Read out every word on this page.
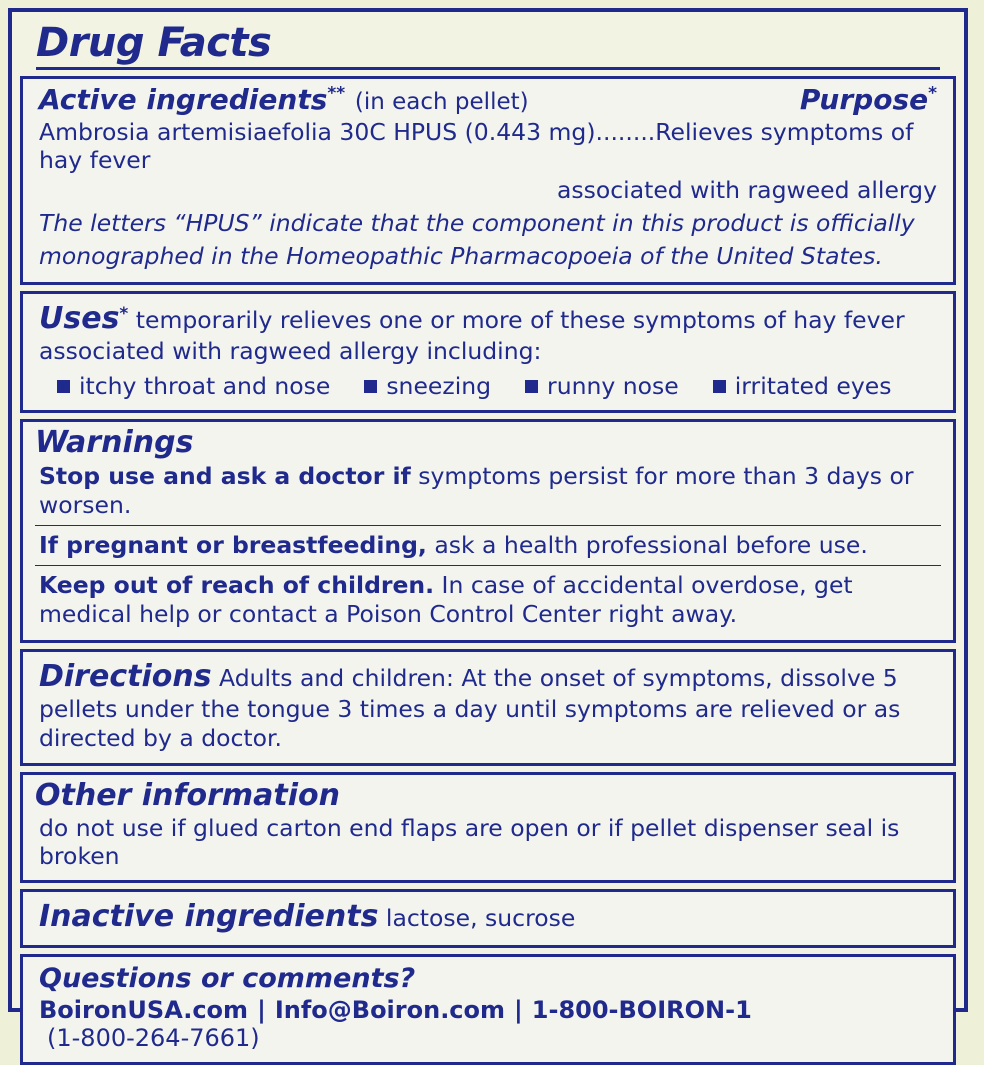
Drug Facts
Active ingredients** (in each pellet)	Purpose*
Ambrosia artemisiaefolia 30C HPUS (0.443 mg)........Relieves symptoms of hay fever
associated with ragweed allergy
The letters “HPUS” indicate that the component in this product is officially
monographed in the Homeopathic Pharmacopoeia of the United States.
Uses* temporarily relieves one or more of these symptoms of hay fever associated with ragweed allergy including:
itchy throat and nose sneezing runny nose irritated eyes
Warnings
Stop use and ask a doctor if symptoms persist for more than 3 days or worsen.
If pregnant or breastfeeding, ask a health professional before use.
Keep out of reach of children. In case of accidental overdose, get medical help or contact a Poison Control Center right away.
Directions Adults and children: At the onset of symptoms, dissolve 5 pellets under the tongue 3 times a day until symptoms are relieved or as directed by a doctor.
Other information
do not use if glued carton end flaps are open or if pellet dispenser seal is broken
Inactive ingredients lactose, sucrose
Questions or comments?
BoironUSA.com | Info@Boiron.com | 1-800-BOIRON-1
(1-800-264-7661)
